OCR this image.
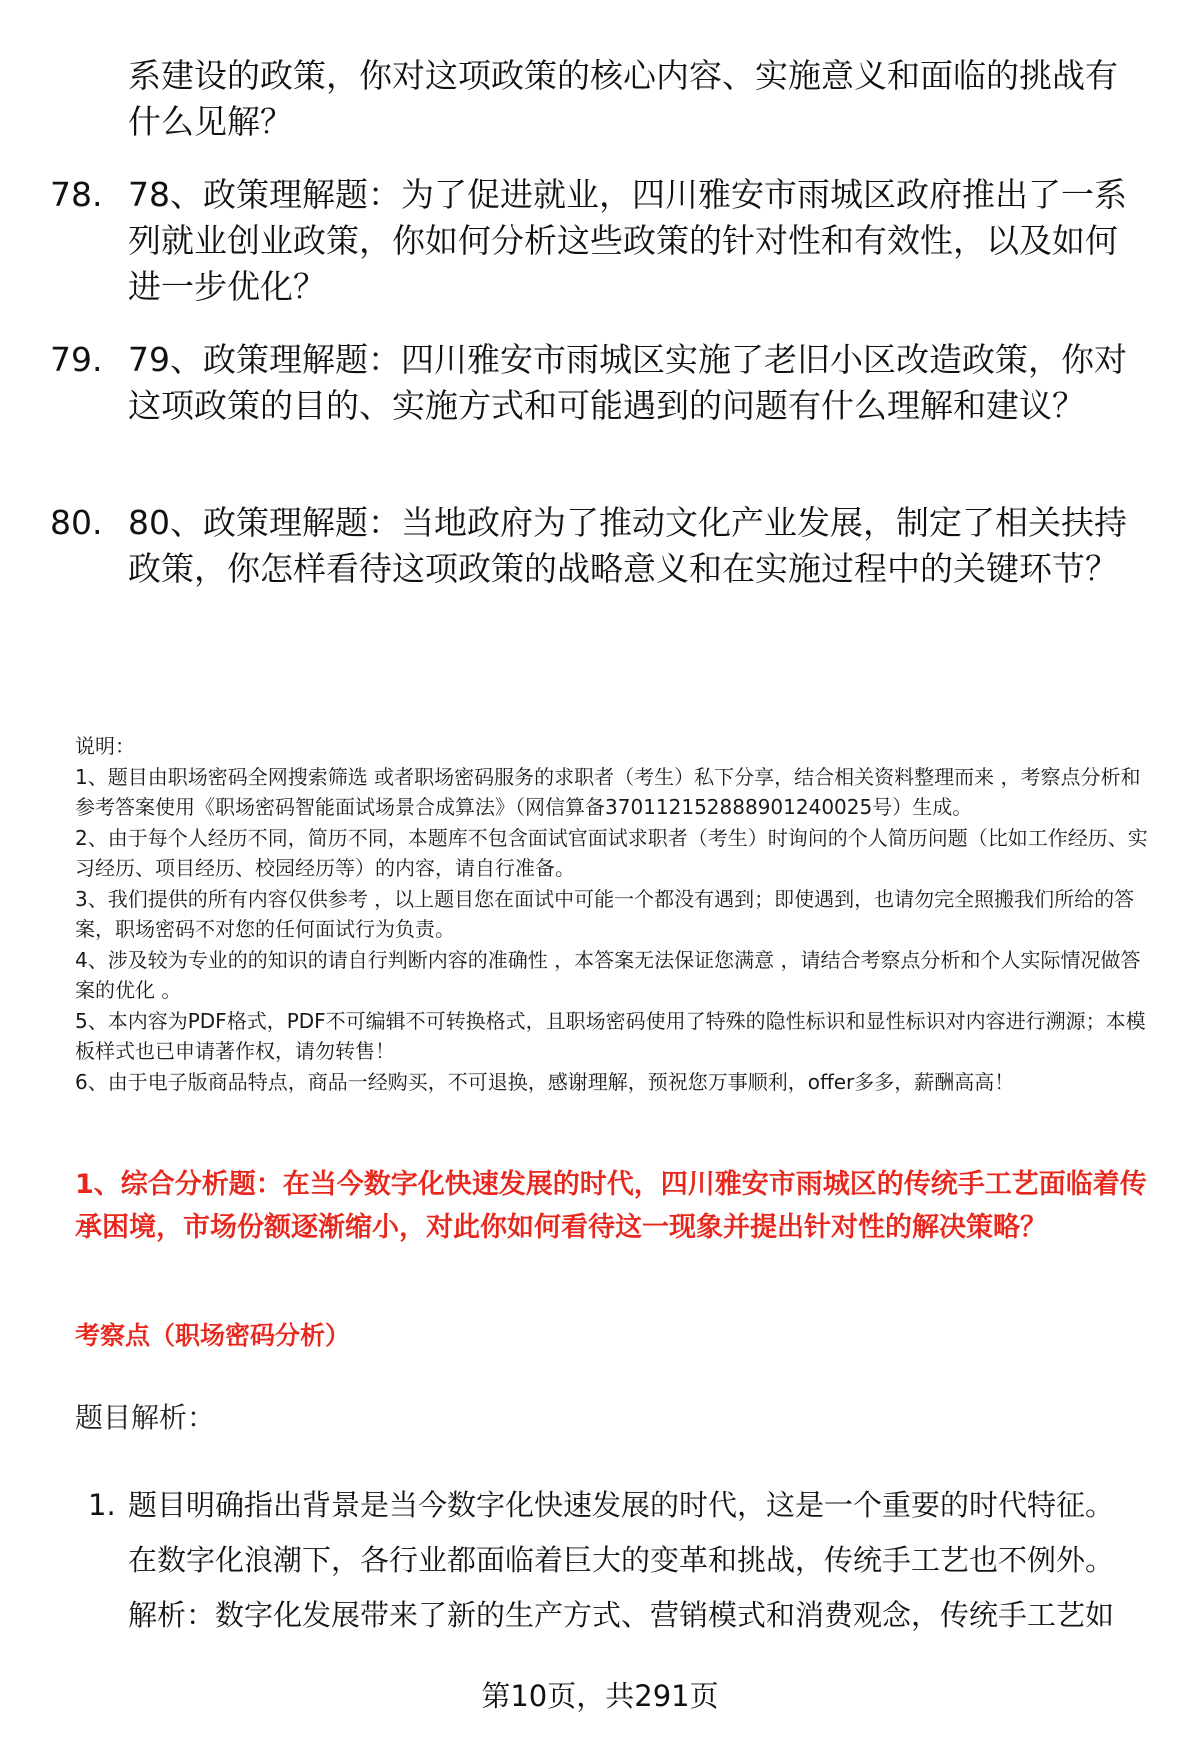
系建设的政策，你对这项政策的核心内容、实施意义和面临的挑战有什么见解？
78. 78、政策理解题：为了促进就业，四川雅安市雨城区政府推出了一系列就业创业政策，你如何分析这些政策的针对性和有效性，以及如何进一步优化？
79. 79、政策理解题：四川雅安市雨城区实施了老旧小区改造政策，你对这项政策的目的、实施方式和可能遇到的问题有什么理解和建议？
80. 80、政策理解题：当地政府为了推动文化产业发展，制定了相关扶持政策，你怎样看待这项政策的战略意义和在实施过程中的关键环节？
说明：
1、题目由职场密码全网搜索筛选 或者职场密码服务的求职者（考生）私下分享，结合相关资料整理而来 ，考察点分析和参考答案使用《职场密码智能面试场景合成算法》（网信算备370112152888901240025号）生成。
2、由于每个人经历不同，简历不同，本题库不包含面试官面试求职者（考生）时询问的个人简历问题（比如工作经历、实习经历、项目经历、校园经历等）的内容，请自行准备。
3、我们提供的所有内容仅供参考 ，以上题目您在面试中可能一个都没有遇到；即使遇到，也请勿完全照搬我们所给的答案，职场密码不对您的任何面试行为负责。
4、涉及较为专业的的知识的请自行判断内容的准确性 ，本答案无法保证您满意 ，请结合考察点分析和个人实际情况做答案的优化 。
5、本内容为PDF格式，PDF不可编辑不可转换格式，且职场密码使用了特殊的隐性标识和显性标识对内容进行溯源；本模板样式也已申请著作权，请勿转售！
6、由于电子版商品特点，商品一经购买，不可退换，感谢理解，预祝您万事顺利，offer多多，薪酬高高！
1、综合分析题：在当今数字化快速发展的时代，四川雅安市雨城区的传统手工艺面临着传承困境，市场份额逐渐缩小，对此你如何看待这一现象并提出针对性的解决策略？
考察点（职场密码分析）
题目解析：
1. 题目明确指出背景是当今数字化快速发展的时代，这是一个重要的时代特征。
在数字化浪潮下，各行业都面临着巨大的变革和挑战，传统手工艺也不例外。
解析：数字化发展带来了新的生产方式、营销模式和消费观念，传统手工艺如
第10页，共291页
